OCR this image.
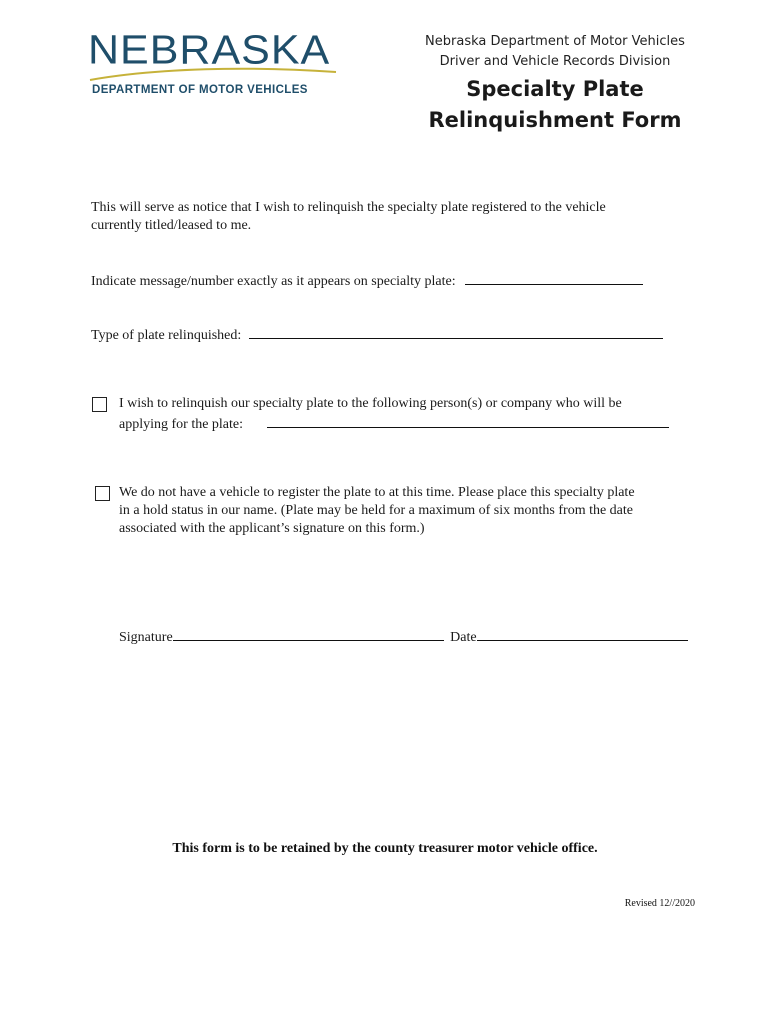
NEBRASKA
DEPARTMENT OF MOTOR VEHICLES
Nebraska Department of Motor Vehicles
Driver and Vehicle Records Division
Specialty Plate Relinquishment Form
This will serve as notice that I wish to relinquish the specialty plate registered to the vehicle
currently titled/leased to me.
Indicate message/number exactly as it appears on specialty plate:
Type of plate relinquished:
I wish to relinquish our specialty plate to the following person(s) or company who will be
applying for the plate:
We do not have a vehicle to register the plate to at this time. Please place this specialty plate
in a hold status in our name. (Plate may be held for a maximum of six months from the date
associated with the applicant’s signature on this form.)
Signature	Date
This form is to be retained by the county treasurer motor vehicle office.
Revised 12//2020
